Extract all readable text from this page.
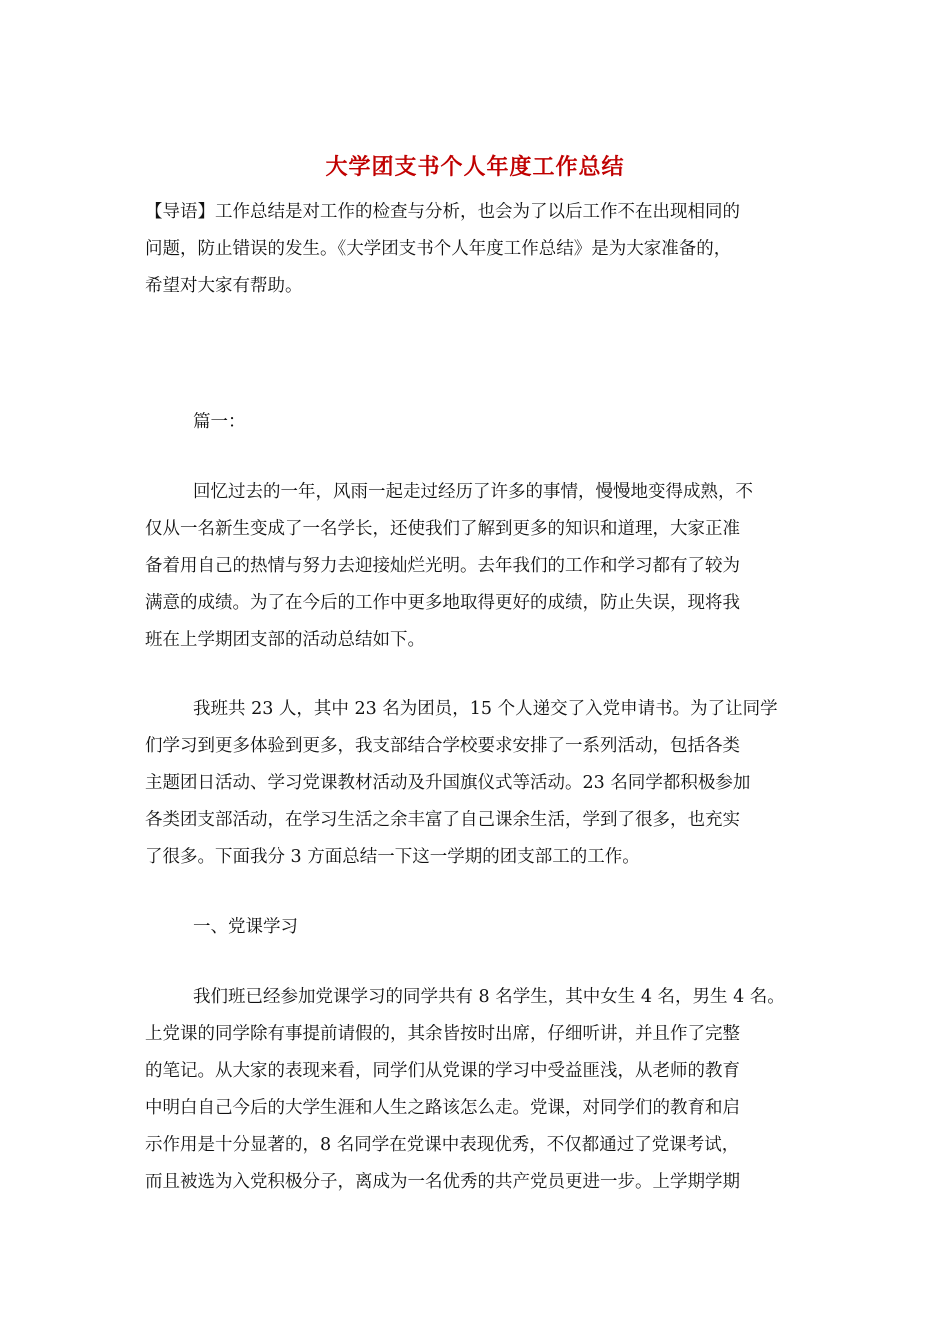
大学团支书个人年度工作总结
【导语】工作总结是对工作的检查与分析，也会为了以后工作不在出现相同的
问题，防止错误的发生。《大学团支书个人年度工作总结》是为大家准备的，
希望对大家有帮助。
篇一：
回忆过去的一年，风雨一起走过经历了许多的事情，慢慢地变得成熟，不
仅从一名新生变成了一名学长，还使我们了解到更多的知识和道理，大家正准
备着用自己的热情与努力去迎接灿烂光明。去年我们的工作和学习都有了较为
满意的成绩。为了在今后的工作中更多地取得更好的成绩，防止失误，现将我
班在上学期团支部的活动总结如下。
我班共 23 人，其中 23 名为团员，15 个人递交了入党申请书。为了让同学
们学习到更多体验到更多，我支部结合学校要求安排了一系列活动，包括各类
主题团日活动、学习党课教材活动及升国旗仪式等活动。23 名同学都积极参加
各类团支部活动，在学习生活之余丰富了自己课余生活，学到了很多，也充实
了很多。下面我分 3 方面总结一下这一学期的团支部工的工作。
一、党课学习
我们班已经参加党课学习的同学共有 8 名学生，其中女生 4 名，男生 4 名。
上党课的同学除有事提前请假的，其余皆按时出席，仔细听讲，并且作了完整
的笔记。从大家的表现来看，同学们从党课的学习中受益匪浅，从老师的教育
中明白自己今后的大学生涯和人生之路该怎么走。党课，对同学们的教育和启
示作用是十分显著的，8 名同学在党课中表现优秀，不仅都通过了党课考试，
而且被选为入党积极分子，离成为一名优秀的共产党员更进一步。上学期学期
